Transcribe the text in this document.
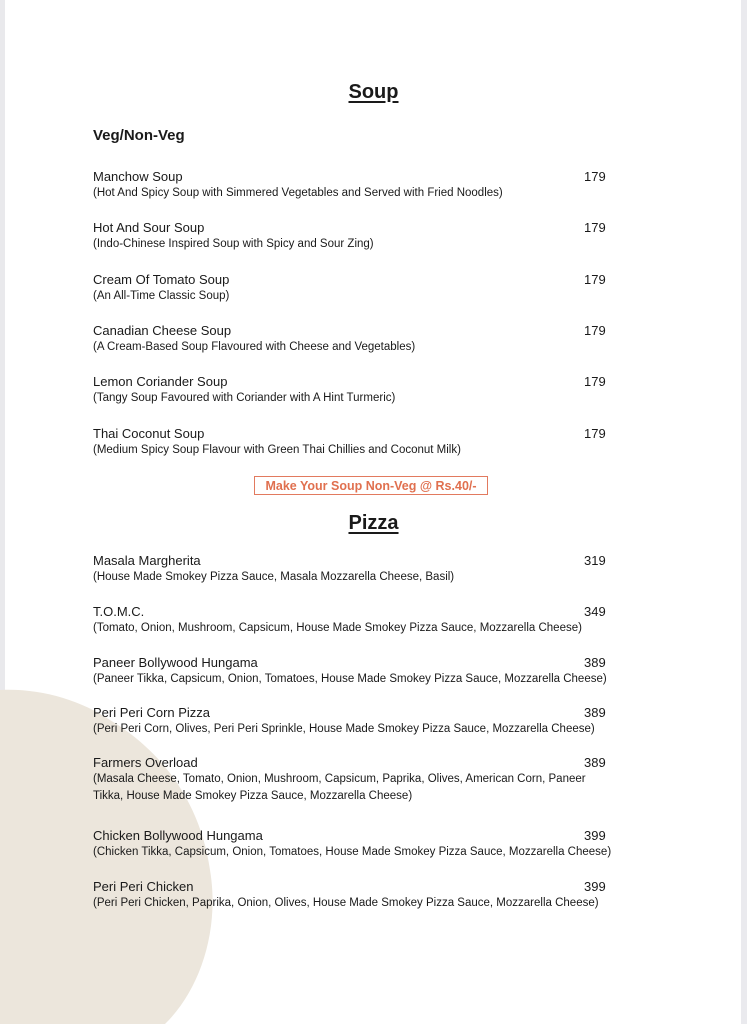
Soup
Veg/Non-Veg
Manchow Soup
(Hot And Spicy Soup with Simmered Vegetables and Served with Fried Noodles)
179
Hot And Sour Soup
(Indo-Chinese Inspired Soup with Spicy and Sour Zing)
179
Cream Of Tomato Soup
(An All-Time Classic Soup)
179
Canadian Cheese Soup
(A Cream-Based Soup Flavoured with Cheese and Vegetables)
179
Lemon Coriander Soup
(Tangy Soup Favoured with Coriander with A Hint Turmeric)
179
Thai Coconut Soup
(Medium Spicy Soup Flavour with Green Thai Chillies and Coconut Milk)
179
Make Your Soup Non-Veg @ Rs.40/-
Pizza
Masala Margherita
(House Made Smokey Pizza Sauce, Masala Mozzarella Cheese, Basil)
319
T.O.M.C.
(Tomato, Onion, Mushroom, Capsicum, House Made Smokey Pizza Sauce, Mozzarella Cheese)
349
Paneer Bollywood Hungama
(Paneer Tikka, Capsicum, Onion, Tomatoes, House Made Smokey Pizza Sauce, Mozzarella Cheese)
389
Peri Peri Corn Pizza
(Peri Peri Corn, Olives, Peri Peri Sprinkle, House Made Smokey Pizza Sauce, Mozzarella Cheese)
389
Farmers Overload
(Masala Cheese, Tomato, Onion, Mushroom, Capsicum, Paprika, Olives, American Corn, Paneer Tikka, House Made Smokey Pizza Sauce, Mozzarella Cheese)
389
Chicken Bollywood Hungama
(Chicken Tikka, Capsicum, Onion, Tomatoes, House Made Smokey Pizza Sauce, Mozzarella Cheese)
399
Peri Peri Chicken
(Peri Peri Chicken, Paprika, Onion, Olives, House Made Smokey Pizza Sauce, Mozzarella Cheese)
399
